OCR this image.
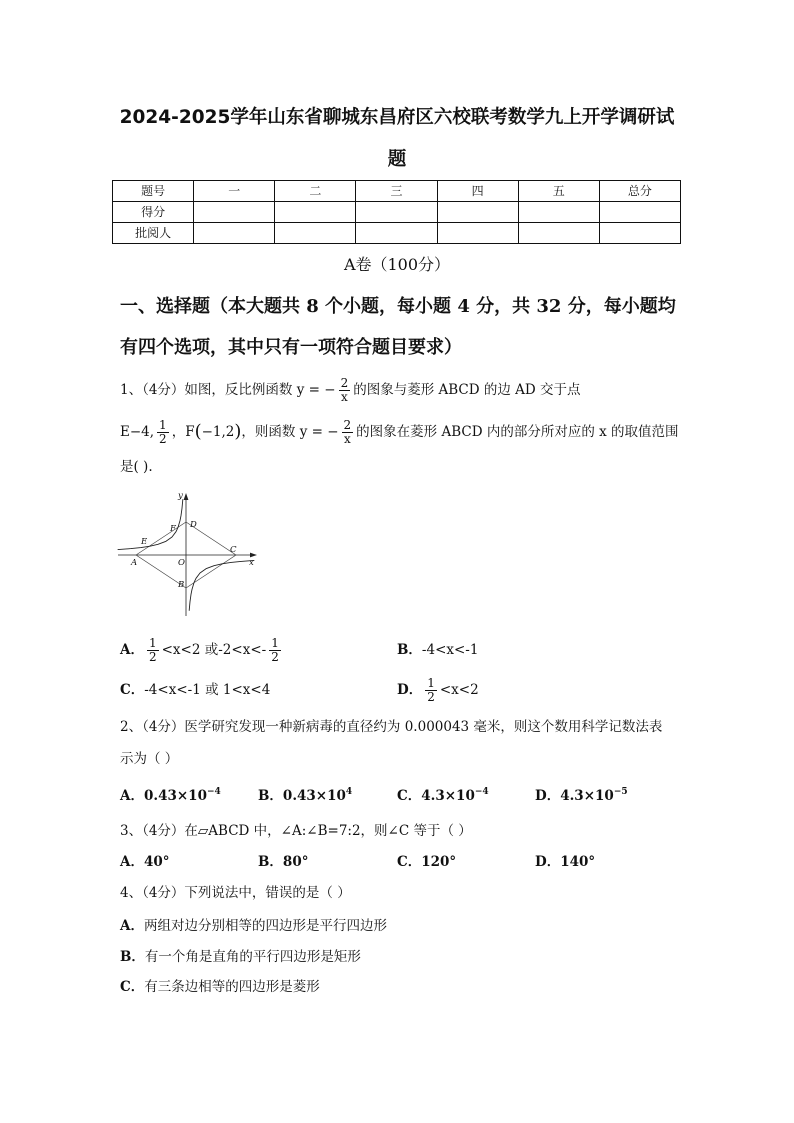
2024-2025学年山东省聊城东昌府区六校联考数学九上开学调研试
题
题号	一	二	三	四	五	总分
得分						
批阅人						
A卷（100分）
一、选择题（本大题共 8 个小题，每小题 4 分，共 32 分，每小题均
有四个选项，其中只有一项符合题目要求）
1、（4分）如图，反比例函数 y = − $\frac{2}{x}$ 的图象与菱形 ABCD 的边 AD 交于点
E−4, $\frac{1}{2}$ ，F(−1,2)，则函数 y = − $\frac{2}{x}$ 的图象在菱形 ABCD 内的部分所对应的 x 的取值范围
是( ).
y
x
O
A
B
C
D
E
F
A． $\frac{1}{2} <x<2$ 或$-2<x<- \frac{1}{2}$	B．-4<x<-1
C．-4<x<-1 或 1<x<4	D． $\frac{1}{2} <x<2$
2、（4分）医学研究发现一种新病毒的直径约为 0.000043 毫米，则这个数用科学记数法表
示为（ ）
A．$0.43\times 10^{-4}$	B．$0.43\times 10^4$	C．$4.3\times 10^{-4}$	D．$4.3\times 10^{-5}$
3、（4分）在▱ABCD 中，∠A:∠B=7:2，则∠C 等于（ ）
A．40°	B．80°	C．120°	D．140°
4、（4分）下列说法中，错误的是（ ）
A．两组对边分别相等的四边形是平行四边形
B．有一个角是直角的平行四边形是矩形
C．有三条边相等的四边形是菱形
